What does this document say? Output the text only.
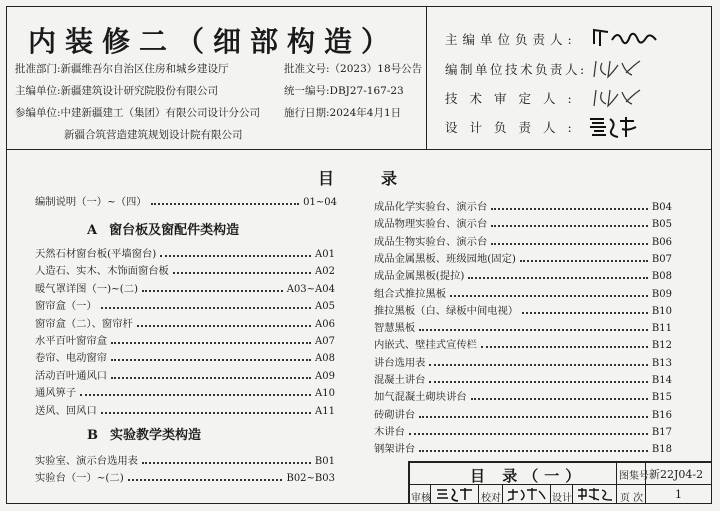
内装修二（细部构造）
批准部门:新疆维吾尔自治区住房和城乡建设厅
主编单位:新疆建筑设计研究院股份有限公司
参编单位:中建新疆建工（集团）有限公司设计分公司
新疆合筑营造建筑规划设计院有限公司
批准文号:（2023）18号公告
统一编号:DBJ27-167-23
施行日期:2024年4月1日
主编单位负责人:
编制单位技术负责人:
技术审定人:
设计负责人:
目	录
编制说明（一）~（四）	01~04
A 窗台板及窗配件类构造
天然石材窗台板(平墙窗台)	A01
人造石、实木、木饰面窗台板	A02
暖气罩详图（一)~(二)	A03~A04
窗帘盒（一）	A05
窗帘盒（二）、窗帘杆	A06
水平百叶窗帘盒	A07
卷帘、电动窗帘	A08
活动百叶通风口	A09
通风箅子	A10
送风、回风口	A11
B 实验教学类构造
实验室、演示台选用表	B01
实验台（一）~(二)	B02~B03
成品化学实验台、演示台	B04
成品物理实验台、演示台	B05
成品生物实验台、演示台	B06
成品金属黑板、班级园地(固定)	B07
成品金属黑板(提拉)	B08
组合式推拉黑板	B09
推拉黑板（白、绿板中间电视）	B10
智慧黑板	B11
内嵌式、壁挂式宣传栏	B12
讲台选用表	B13
混凝土讲台	B14
加气混凝土砌块讲台	B15
砖砌讲台	B16
木讲台	B17
钢架讲台	B18
目 录（一）	图集号 新22J04-2
审核	校对	设计	页 次	1
